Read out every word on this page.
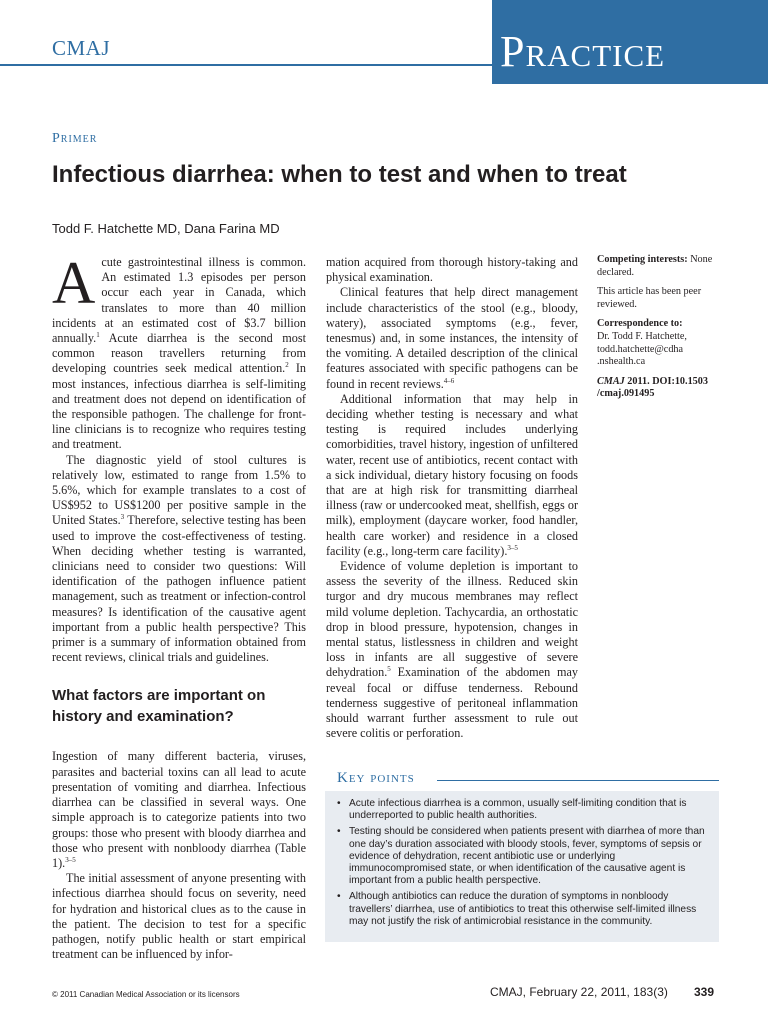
CMAJ	Practice
Primer
Infectious diarrhea: when to test and when to treat
Todd F. Hatchette MD, Dana Farina MD

Acute gastrointestinal illness is common. An estimated 1.3 episodes per person occur each year in Canada, which translates to more than 40 million incidents at an estimated cost of $3.7 billion annually.$^1$ Acute diarrhea is the second most common reason travellers returning from developing countries seek medical attention.$^2$ In most instances, infectious diarrhea is self-limiting and treatment does not depend on identification of the responsible pathogen. The challenge for front-line clinicians is to recognize who requires testing and treatment.

The diagnostic yield of stool cultures is relatively low, estimated to range from 1.5% to 5.6%, which for example translates to a cost of US$952 to US$1200 per positive sample in the United States.$^3$ Therefore, selective testing has been used to improve the cost-effectiveness of testing. When deciding whether testing is warranted, clinicians need to consider two questions: Will identification of the pathogen influence patient management, such as treatment or infection-control measures? Is identification of the causative agent important from a public health perspective? This primer is a summary of information obtained from recent reviews, clinical trials and guidelines.

What factors are important on history and examination?

Ingestion of many different bacteria, viruses, parasites and bacterial toxins can all lead to acute presentation of vomiting and diarrhea. Infectious diarrhea can be classified in several ways. One simple approach is to categorize patients into two groups: those who present with bloody diarrhea and those who present with nonbloody diarrhea (Table 1).$^{3-5}$

The initial assessment of anyone presenting with infectious diarrhea should focus on severity, need for hydration and historical clues as to the cause in the patient. The decision to test for a specific pathogen, notify public health or start empirical treatment can be influenced by infor-

mation acquired from thorough history-taking and physical examination.

Clinical features that help direct management include characteristics of the stool (e.g., bloody, watery), associated symptoms (e.g., fever, tenesmus) and, in some instances, the intensity of the vomiting. A detailed description of the clinical features associated with specific pathogens can be found in recent reviews.$^{4-6}$

Additional information that may help in deciding whether testing is necessary and what testing is required includes underlying comorbidities, travel history, ingestion of unfiltered water, recent use of antibiotics, recent contact with a sick individual, dietary history focusing on foods that are at high risk for transmitting diarrheal illness (raw or undercooked meat, shellfish, eggs or milk), employment (daycare worker, food handler, health care worker) and residence in a closed facility (e.g., long-term care facility).$^{3-5}$

Evidence of volume depletion is important to assess the severity of the illness. Reduced skin turgor and dry mucous membranes may reflect mild volume depletion. Tachycardia, an orthostatic drop in blood pressure, hypotension, changes in mental status, listlessness in children and weight loss in infants are all suggestive of severe dehydration.$^5$ Examination of the abdomen may reveal focal or diffuse tenderness. Rebound tenderness suggestive of peritoneal inflammation should warrant further assessment to rule out severe colitis or perforation.

Competing interests: None declared.
This article has been peer reviewed.
Correspondence to:
Dr. Todd F. Hatchette,
todd.hatchette@cdha
.nshealth.ca
CMAJ 2011. DOI:10.1503 /cmaj.091495
Key points
• Acute infectious diarrhea is a common, usually self-limiting condition that is underreported to public health authorities.
• Testing should be considered when patients present with diarrhea of more than one day’s duration associated with bloody stools, fever, symptoms of sepsis or evidence of dehydration, recent antibiotic use or underlying immunocompromised state, or when identification of the causative agent is important from a public health perspective.
• Although antibiotics can reduce the duration of symptoms in nonbloody travellers’ diarrhea, use of antibiotics to treat this otherwise self-limited illness may not justify the risk of antimicrobial resistance in the community.
© 2011 Canadian Medical Association or its licensors	CMAJ, February 22, 2011, 183(3) 339
